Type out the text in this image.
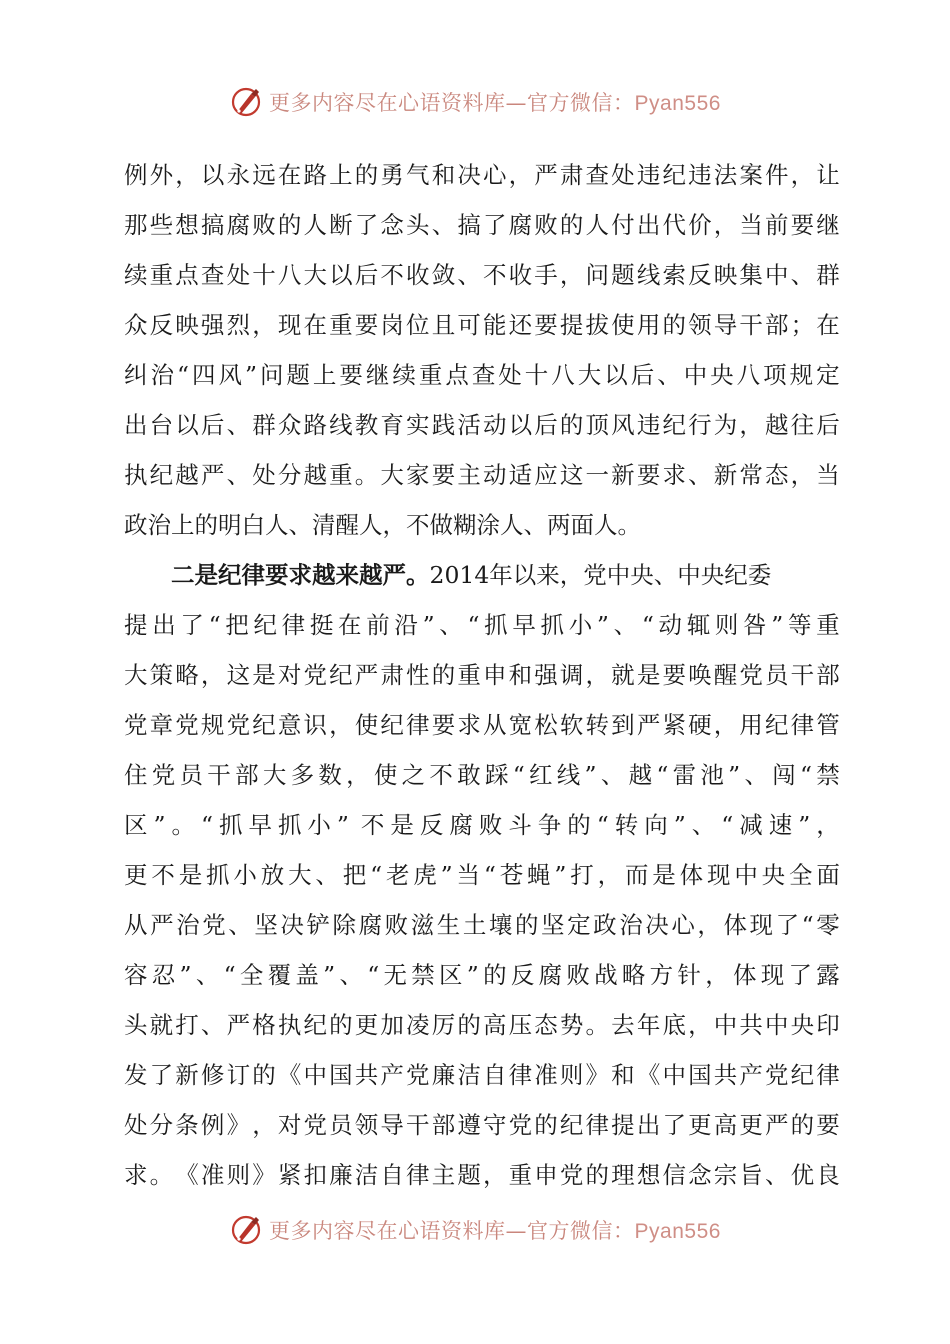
更多内容尽在心语资料库—官方微信：Pyan556
例 外 ， 以 永 远 在 路 上 的 勇 气 和 决 心 ， 严 肃 查 处 违 纪 违 法 案 件 ， 让
那 些 想 搞 腐 败 的 人 断 了 念 头 、 搞 了 腐 败 的 人 付 出 代 价 ， 当 前 要 继
续 重 点 查 处 十 八 大 以 后 不 收 敛 、 不 收 手 ， 问 题 线 索 反 映 集 中 、 群
众 反 映 强 烈 ， 现 在 重 要 岗 位 且 可 能 还 要 提 拔 使 用 的 领 导 干 部 ； 在
纠 治 “ 四 风 ” 问 题 上 要 继 续 重 点 查 处 十 八 大 以 后 、 中 央 八 项 规 定
出 台 以 后 、 群 众 路 线 教 育 实 践 活 动 以 后 的 顶 风 违 纪 行 为 ， 越 往 后
执 纪 越 严 、 处 分 越 重 。 大 家 要 主 动 适 应 这 一 新 要 求 、 新 常 态 ， 当
政治上的明白人、清醒人，不做糊涂人、两面人。
二是纪律要求越来越严。2014年以来，党中央、中央纪委
提 出 了 “ 把 纪 律 挺 在 前 沿 ” 、 “ 抓 早 抓 小 ” 、 “ 动 辄 则 咎 ” 等 重
大 策 略 ， 这 是 对 党 纪 严 肃 性 的 重 申 和 强 调 ， 就 是 要 唤 醒 党 员 干 部
党 章 党 规 党 纪 意 识 ， 使 纪 律 要 求 从 宽 松 软 转 到 严 紧 硬 ， 用 纪 律 管
住 党 员 干 部 大 多 数 ， 使 之 不 敢 踩 “ 红 线 ” 、 越 “ 雷 池 ” 、 闯 “ 禁
区 ” 。 “ 抓 早 抓 小 ” 不 是 反 腐 败 斗 争 的 “ 转 向 ” 、 “ 减 速 ” ，
更 不 是 抓 小 放 大 、 把 “ 老 虎 ” 当 “ 苍 蝇 ” 打 ， 而 是 体 现 中 央 全 面
从 严 治 党 、 坚 决 铲 除 腐 败 滋 生 土 壤 的 坚 定 政 治 决 心 ， 体 现 了 “ 零
容 忍 ” 、 “ 全 覆 盖 ” 、 “ 无 禁 区 ” 的 反 腐 败 战 略 方 针 ， 体 现 了 露
头 就 打 、 严 格 执 纪 的 更 加 凌 厉 的 高 压 态 势 。 去 年 底 ， 中 共 中 央 印
发 了 新 修 订 的 《 中 国 共 产 党 廉 洁 自 律 准 则 》 和 《 中 国 共 产 党 纪 律
处 分 条 例 》 ， 对 党 员 领 导 干 部 遵 守 党 的 纪 律 提 出 了 更 高 更 严 的 要
求 。 《 准 则 》 紧 扣 廉 洁 自 律 主 题 ， 重 申 党 的 理 想 信 念 宗 旨 、 优 良
更多内容尽在心语资料库—官方微信：Pyan556
